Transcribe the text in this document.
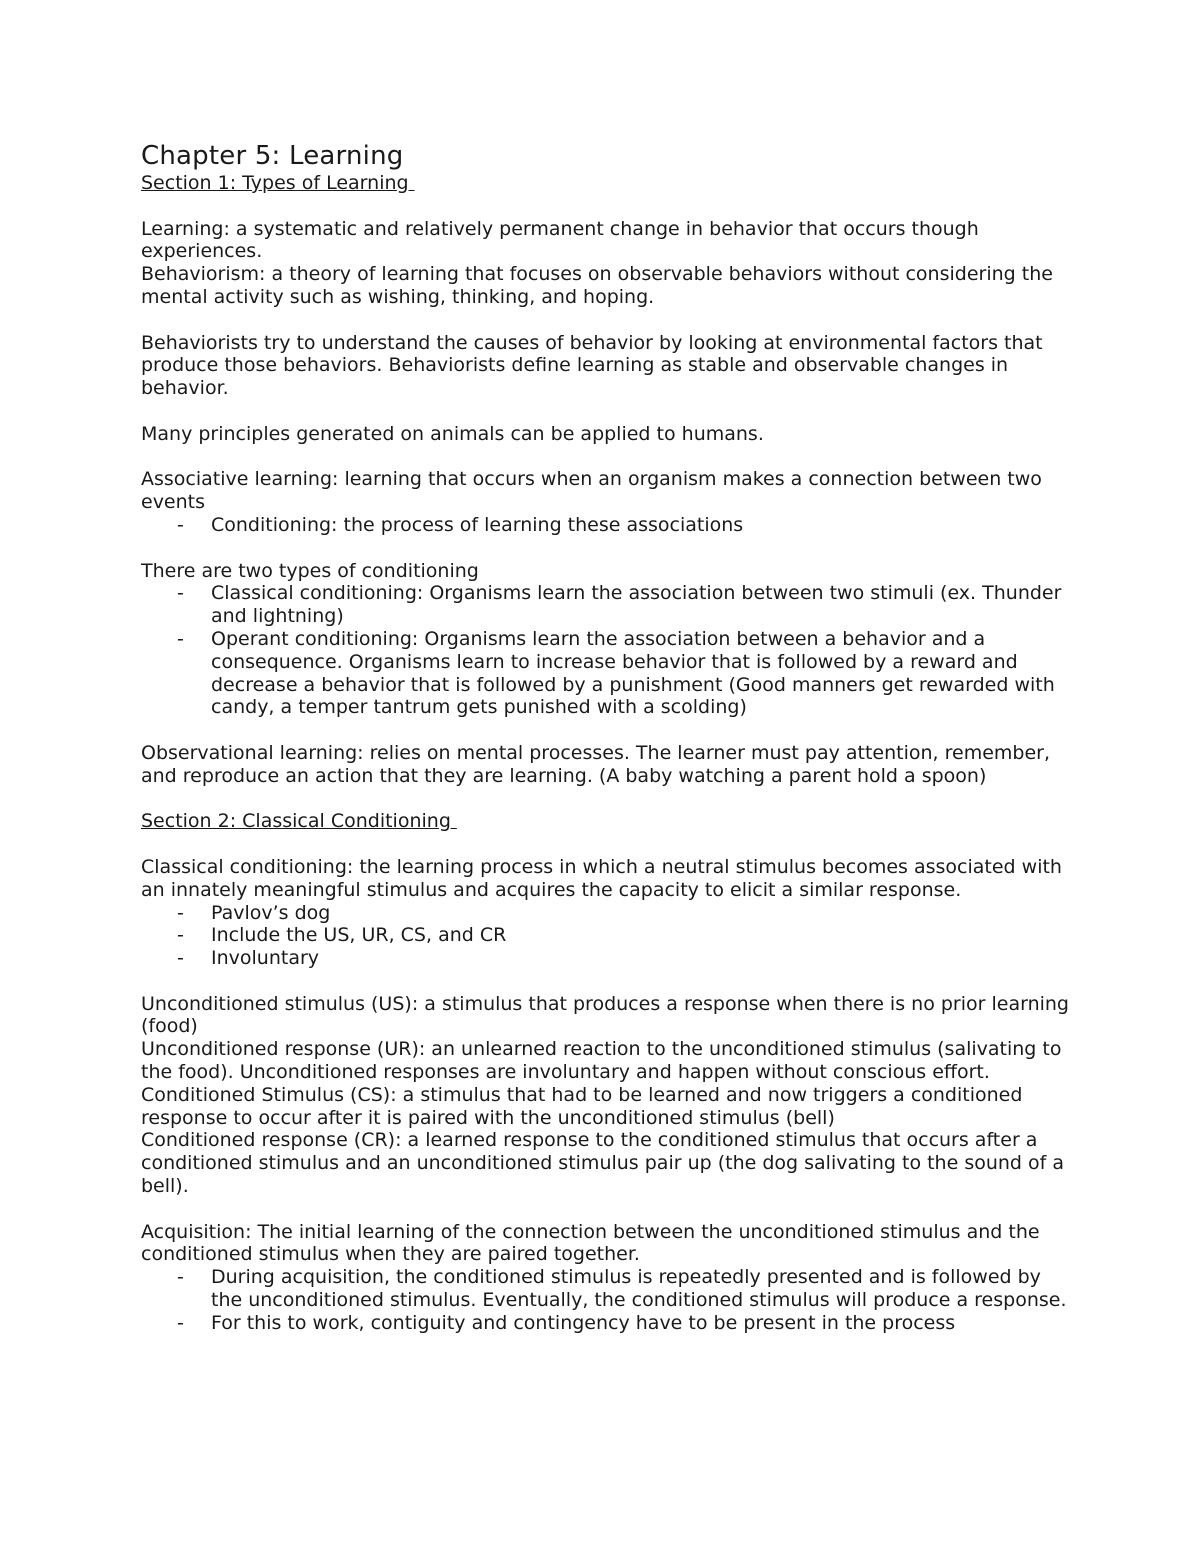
Chapter 5: Learning

Section 1: Types of Learning

Learning: a systematic and relatively permanent change in behavior that occurs though experiences.

Behaviorism: a theory of learning that focuses on observable behaviors without considering the mental activity such as wishing, thinking, and hoping.

Behaviorists try to understand the causes of behavior by looking at environmental factors that produce those behaviors. Behaviorists define learning as stable and observable changes in behavior.

Many principles generated on animals can be applied to humans.

Associative learning: learning that occurs when an organism makes a connection between two events

- Conditioning: the process of learning these associations

There are two types of conditioning

- Classical conditioning: Organisms learn the association between two stimuli (ex. Thunder and lightning)
- Operant conditioning: Organisms learn the association between a behavior and a consequence. Organisms learn to increase behavior that is followed by a reward and decrease a behavior that is followed by a punishment (Good manners get rewarded with candy, a temper tantrum gets punished with a scolding)

Observational learning: relies on mental processes. The learner must pay attention, remember, and reproduce an action that they are learning. (A baby watching a parent hold a spoon)

Section 2: Classical Conditioning

Classical conditioning: the learning process in which a neutral stimulus becomes associated with an innately meaningful stimulus and acquires the capacity to elicit a similar response.

- Pavlov’s dog
- Include the US, UR, CS, and CR
- Involuntary

Unconditioned stimulus (US): a stimulus that produces a response when there is no prior learning (food)

Unconditioned response (UR): an unlearned reaction to the unconditioned stimulus (salivating to the food). Unconditioned responses are involuntary and happen without conscious effort.

Conditioned Stimulus (CS): a stimulus that had to be learned and now triggers a conditioned response to occur after it is paired with the unconditioned stimulus (bell)

Conditioned response (CR): a learned response to the conditioned stimulus that occurs after a conditioned stimulus and an unconditioned stimulus pair up (the dog salivating to the sound of a bell).

Acquisition: The initial learning of the connection between the unconditioned stimulus and the conditioned stimulus when they are paired together.

- During acquisition, the conditioned stimulus is repeatedly presented and is followed by the unconditioned stimulus. Eventually, the conditioned stimulus will produce a response.
- For this to work, contiguity and contingency have to be present in the process
